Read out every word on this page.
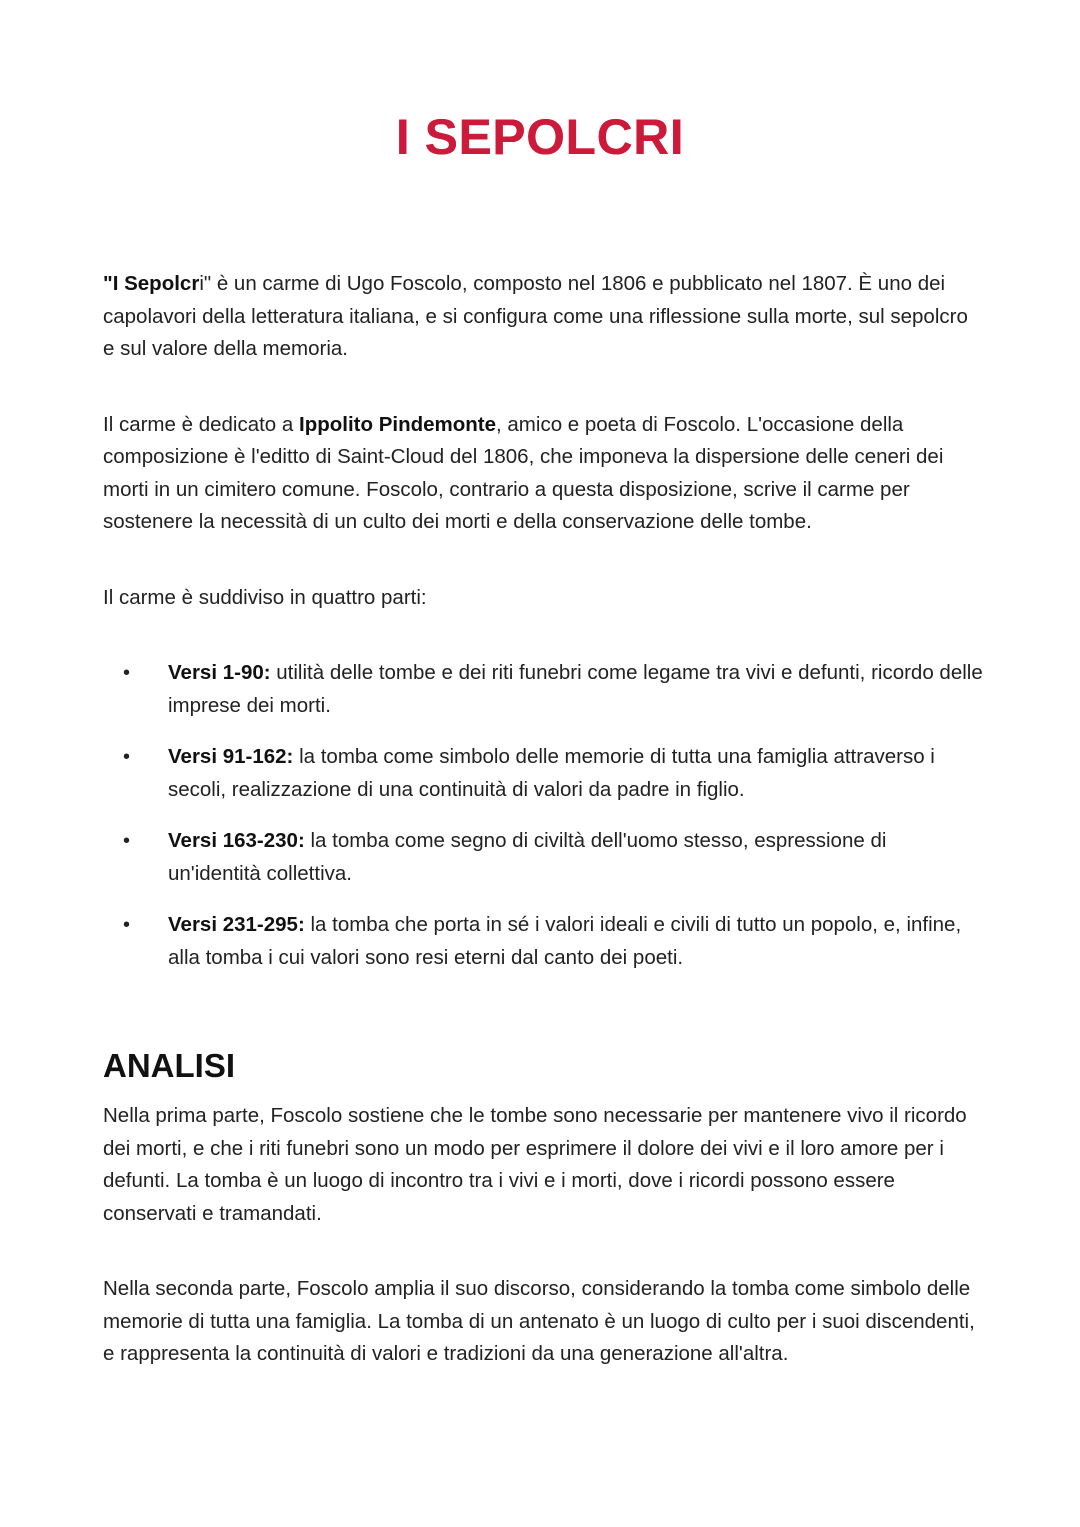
I SEPOLCRI

"I Sepolcri" è un carme di Ugo Foscolo, composto nel 1806 e pubblicato nel 1807. È uno dei capolavori della letteratura italiana, e si configura come una riflessione sulla morte, sul sepolcro e sul valore della memoria.

Il carme è dedicato a Ippolito Pindemonte, amico e poeta di Foscolo. L'occasione della composizione è l'editto di Saint-Cloud del 1806, che imponeva la dispersione delle ceneri dei morti in un cimitero comune. Foscolo, contrario a questa disposizione, scrive il carme per sostenere la necessità di un culto dei morti e della conservazione delle tombe.

Il carme è suddiviso in quattro parti:

• Versi 1-90: utilità delle tombe e dei riti funebri come legame tra vivi e defunti, ricordo delle imprese dei morti.
• Versi 91-162: la tomba come simbolo delle memorie di tutta una famiglia attraverso i secoli, realizzazione di una continuità di valori da padre in figlio.
• Versi 163-230: la tomba come segno di civiltà dell'uomo stesso, espressione di un'identità collettiva.
• Versi 231-295: la tomba che porta in sé i valori ideali e civili di tutto un popolo, e, infine, alla tomba i cui valori sono resi eterni dal canto dei poeti.
ANALISI

Nella prima parte, Foscolo sostiene che le tombe sono necessarie per mantenere vivo il ricordo dei morti, e che i riti funebri sono un modo per esprimere il dolore dei vivi e il loro amore per i defunti. La tomba è un luogo di incontro tra i vivi e i morti, dove i ricordi possono essere conservati e tramandati.

Nella seconda parte, Foscolo amplia il suo discorso, considerando la tomba come simbolo delle memorie di tutta una famiglia. La tomba di un antenato è un luogo di culto per i suoi discendenti, e rappresenta la continuità di valori e tradizioni da una generazione all'altra.
